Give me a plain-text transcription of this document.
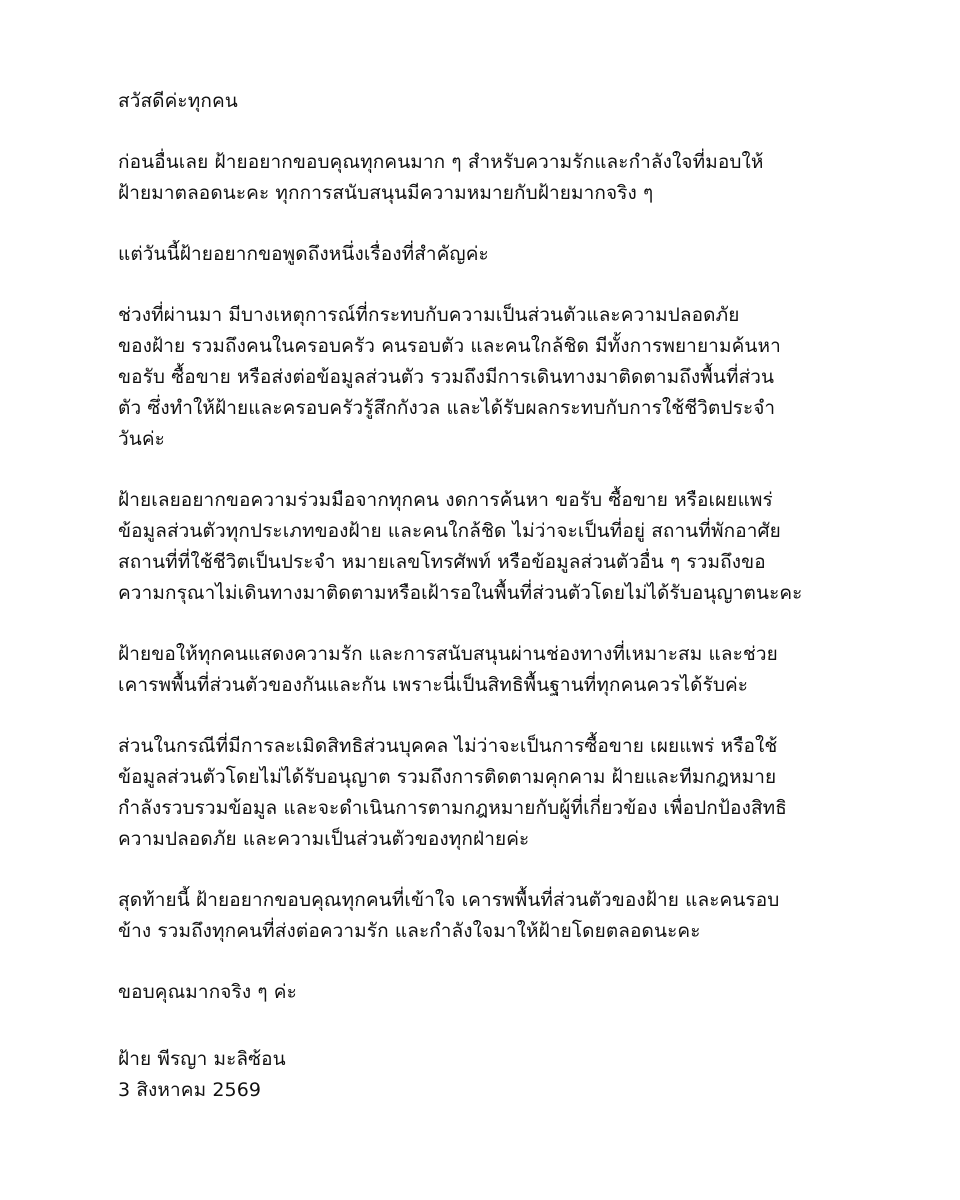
สวัสดีค่ะทุกคน
ก่อนอื่นเลย ฝ้ายอยากขอบคุณทุกคนมาก ๆ สำหรับความรักและกำลังใจที่มอบให้
ฝ้ายมาตลอดนะคะ ทุกการสนับสนุนมีความหมายกับฝ้ายมากจริง ๆ
แต่วันนี้ฝ้ายอยากขอพูดถึงหนึ่งเรื่องที่สำคัญค่ะ
ช่วงที่ผ่านมา มีบางเหตุการณ์ที่กระทบกับความเป็นส่วนตัวและความปลอดภัย
ของฝ้าย รวมถึงคนในครอบครัว คนรอบตัว และคนใกล้ชิด มีทั้งการพยายามค้นหา
ขอรับ ซื้อขาย หรือส่งต่อข้อมูลส่วนตัว รวมถึงมีการเดินทางมาติดตามถึงพื้นที่ส่วน
ตัว ซึ่งทำให้ฝ้ายและครอบครัวรู้สึกกังวล และได้รับผลกระทบกับการใช้ชีวิตประจำ
วันค่ะ
ฝ้ายเลยอยากขอความร่วมมือจากทุกคน งดการค้นหา ขอรับ ซื้อขาย หรือเผยแพร่
ข้อมูลส่วนตัวทุกประเภทของฝ้าย และคนใกล้ชิด ไม่ว่าจะเป็นที่อยู่ สถานที่พักอาศัย
สถานที่ที่ใช้ชีวิตเป็นประจำ หมายเลขโทรศัพท์ หรือข้อมูลส่วนตัวอื่น ๆ รวมถึงขอ
ความกรุณาไม่เดินทางมาติดตามหรือเฝ้ารอในพื้นที่ส่วนตัวโดยไม่ได้รับอนุญาตนะคะ
ฝ้ายขอให้ทุกคนแสดงความรัก และการสนับสนุนผ่านช่องทางที่เหมาะสม และช่วย
เคารพพื้นที่ส่วนตัวของกันและกัน เพราะนี่เป็นสิทธิพื้นฐานที่ทุกคนควรได้รับค่ะ
ส่วนในกรณีที่มีการละเมิดสิทธิส่วนบุคคล ไม่ว่าจะเป็นการซื้อขาย เผยแพร่ หรือใช้
ข้อมูลส่วนตัวโดยไม่ได้รับอนุญาต รวมถึงการติดตามคุกคาม ฝ้ายและทีมกฎหมาย
กำลังรวบรวมข้อมูล และจะดำเนินการตามกฎหมายกับผู้ที่เกี่ยวข้อง เพื่อปกป้องสิทธิ
ความปลอดภัย และความเป็นส่วนตัวของทุกฝ่ายค่ะ
สุดท้ายนี้ ฝ้ายอยากขอบคุณทุกคนที่เข้าใจ เคารพพื้นที่ส่วนตัวของฝ้าย และคนรอบ
ข้าง รวมถึงทุกคนที่ส่งต่อความรัก และกำลังใจมาให้ฝ้ายโดยตลอดนะคะ
ขอบคุณมากจริง ๆ ค่ะ
ฝ้าย พีรญา มะลิซ้อน
3 สิงหาคม 2569
